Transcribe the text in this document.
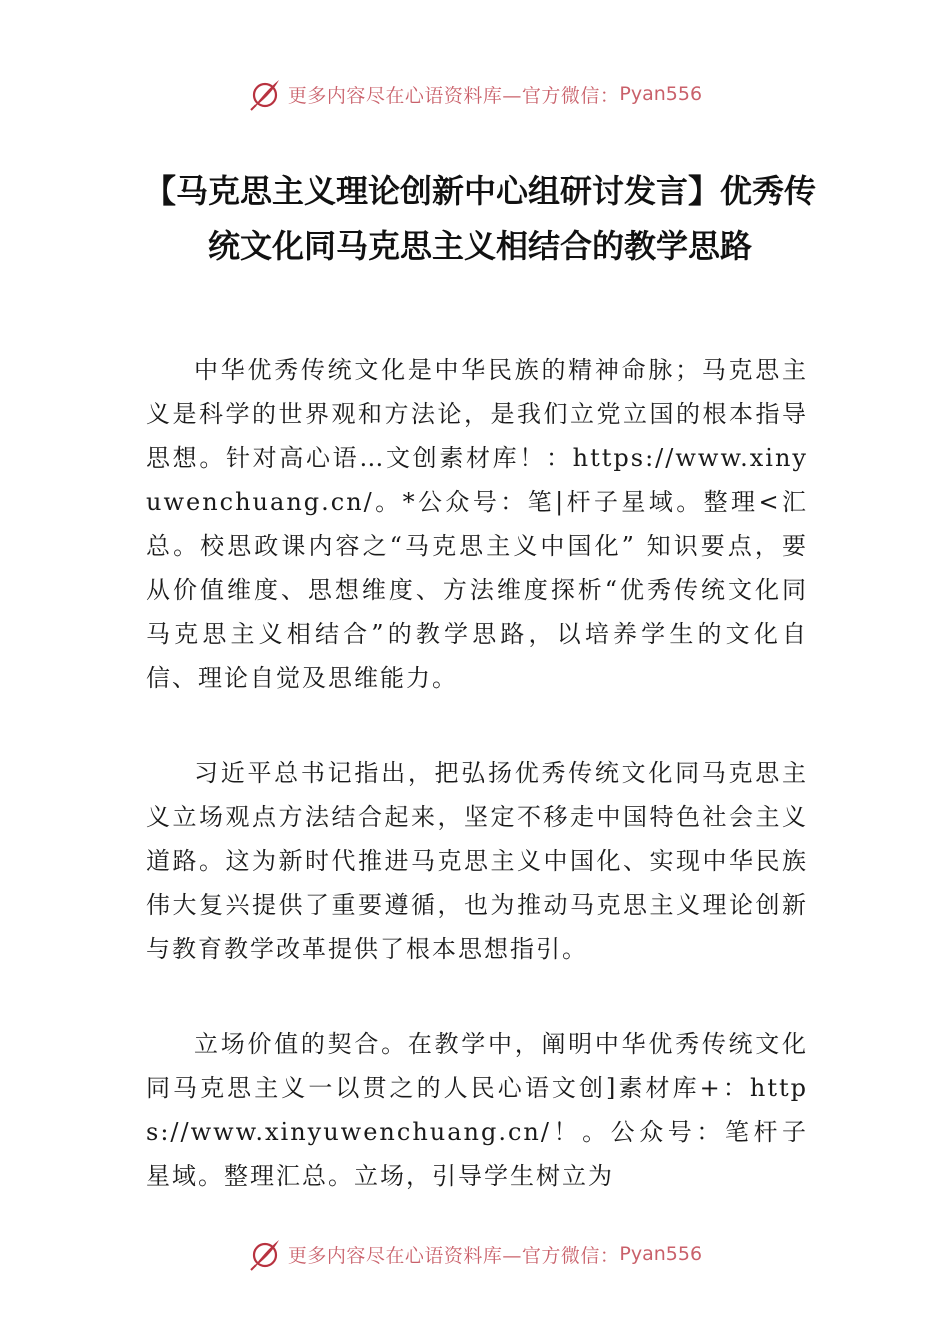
更多内容尽在心语资料库—官方微信： Pyan556
【马克思主义理论创新中心组研讨发言】优秀传统文化同马克思主义相结合的教学思路

中华优秀传统文化是中华民族的精神命脉；马克思主义是科学的世界观和方法论，是我们立党立国的根本指导思想。针对高心语…文创素材库！：https://www.xinyuwenchuang.cn/。*公众号：笔|杆子星域。整理<汇总。校思政课内容之“马克思主义中国化” 知识要点，要从价值维度、思想维度、方法维度探析“优秀传统文化同马克思主义相结合”的教学思路，以培养学生的文化自信、理论自觉及思维能力。

习近平总书记指出，把弘扬优秀传统文化同马克思主义立场观点方法结合起来，坚定不移走中国特色社会主义道路。这为新时代推进马克思主义中国化、实现中华民族伟大复兴提供了重要遵循，也为推动马克思主义理论创新与教育教学改革提供了根本思想指引。

立场价值的契合。在教学中，阐明中华优秀传统文化同马克思主义一以贯之的人民心语文创]素材库+：https://www.xinyuwenchuang.cn/！。公众号：笔杆子星域。整理汇总。立场，引导学生树立为

更多内容尽在心语资料库—官方微信： Pyan556
